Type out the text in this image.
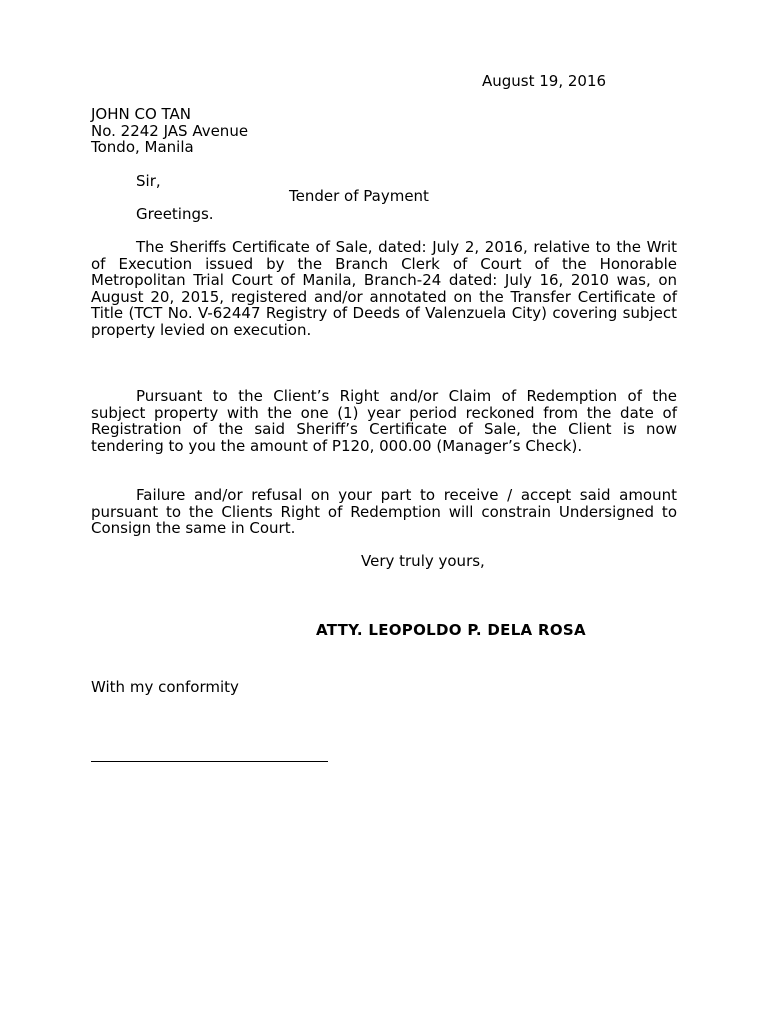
August 19, 2016
JOHN CO TAN
No. 2242 JAS Avenue
Tondo, Manila
Sir,
Tender of Payment
Greetings.
The Sheriffs Certificate of Sale, dated: July 2, 2016, relative to the Writ of Execution issued by the Branch Clerk of Court of the Honorable Metropolitan Trial Court of Manila, Branch-24 dated: July 16, 2010 was, on August 20, 2015, registered and/or annotated on the Transfer Certificate of Title (TCT No. V-62447 Registry of Deeds of Valenzuela City) covering subject property levied on execution.
Pursuant to the Client’s Right and/or Claim of Redemption of the subject property with the one (1) year period reckoned from the date of Registration of the said Sheriff’s Certificate of Sale, the Client is now tendering to you the amount of P120, 000.00 (Manager’s Check).
Failure and/or refusal on your part to receive / accept said amount pursuant to the Clients Right of Redemption will constrain Undersigned to Consign the same in Court.
Very truly yours,
ATTY. LEOPOLDO P. DELA ROSA
With my conformity
